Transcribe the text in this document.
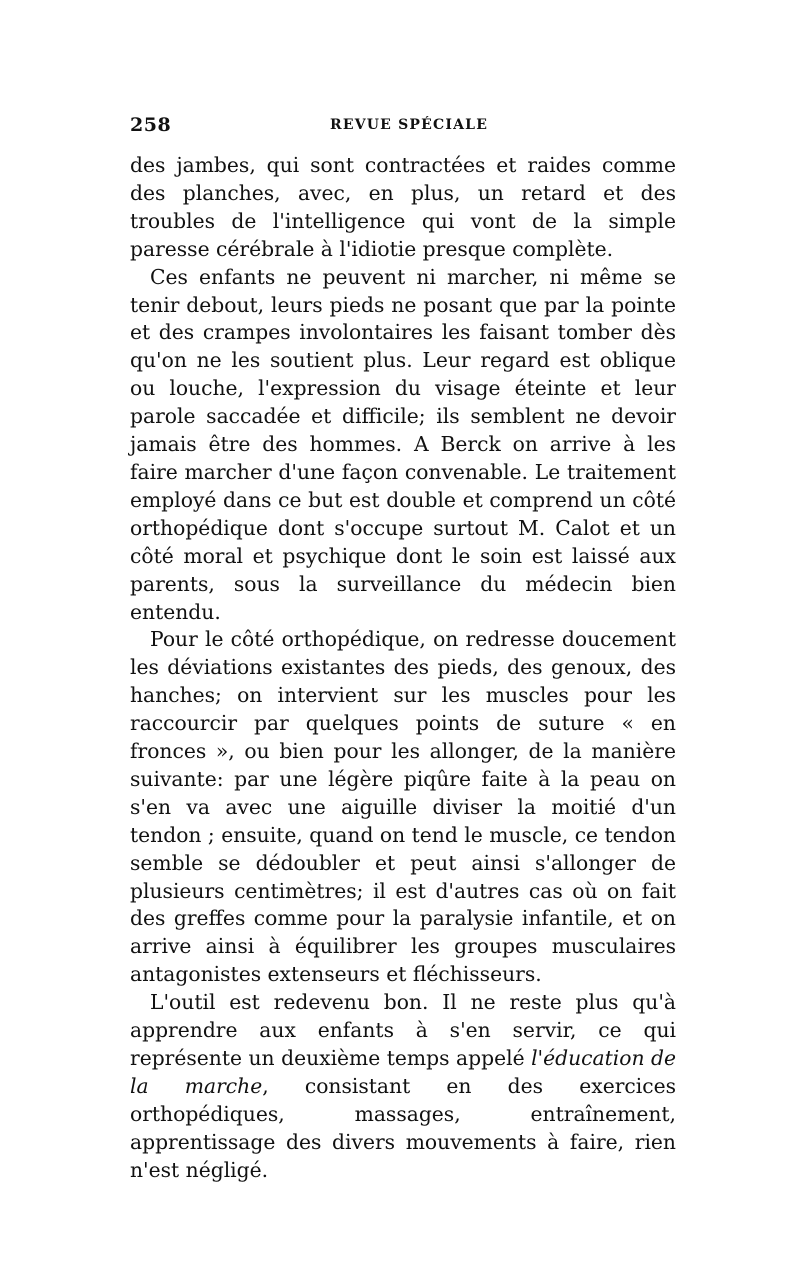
258	REVUE SPÉCIALE

des jambes, qui sont contractées et raides comme des planches, avec, en plus, un retard et des troubles de l'intelligence qui vont de la simple paresse cérébrale à l'idiotie presque complète.

Ces enfants ne peuvent ni marcher, ni même se tenir debout, leurs pieds ne posant que par la pointe et des crampes involontaires les faisant tomber dès qu'on ne les soutient plus. Leur regard est oblique ou louche, l'expression du visage éteinte et leur parole saccadée et difficile; ils semblent ne devoir jamais être des hommes. A Berck on arrive à les faire marcher d'une façon convenable. Le traitement employé dans ce but est double et comprend un côté orthopédique dont s'occupe surtout M. Calot et un côté moral et psychique dont le soin est laissé aux parents, sous la surveillance du médecin bien entendu.

Pour le côté orthopédique, on redresse doucement les déviations existantes des pieds, des genoux, des hanches; on intervient sur les muscles pour les raccourcir par quelques points de suture « en fronces », ou bien pour les allonger, de la manière suivante: par une légère piqûre faite à la peau on s'en va avec une aiguille diviser la moitié d'un tendon ; ensuite, quand on tend le muscle, ce tendon semble se dédoubler et peut ainsi s'allonger de plusieurs centimètres; il est d'autres cas où on fait des greffes comme pour la paralysie infantile, et on arrive ainsi à équilibrer les groupes musculaires antagonistes extenseurs et fléchisseurs.

L'outil est redevenu bon. Il ne reste plus qu'à apprendre aux enfants à s'en servir, ce qui représente un deuxième temps appelé l'éducation de la marche, consistant en des exercices orthopédiques, massages, entraînement, apprentissage des divers mouvements à faire, rien n'est négligé.
